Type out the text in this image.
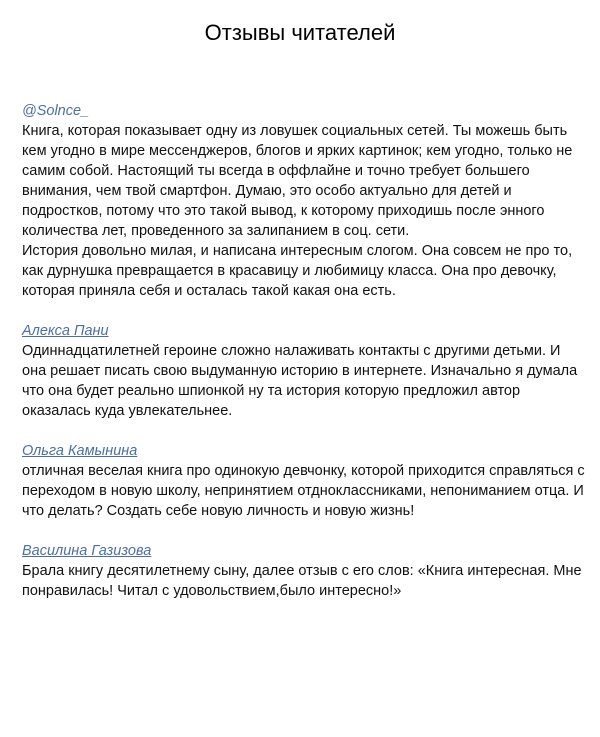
Отзывы читателей
@Solnce_

Книга, которая показывает одну из ловушек социальных сетей. Ты можешь быть кем угодно в мире мессенджеров, блогов и ярких картинок; кем угодно, только не самим собой. Настоящий ты всегда в оффлайне и точно требует большего внимания, чем твой смартфон. Думаю, это особо актуально для детей и подростков, потому что это такой вывод, к которому приходишь после энного количества лет, проведенного за залипанием в соц. сети.
История довольно милая, и написана интересным слогом. Она совсем не про то, как дурнушка превращается в красавицу и любимицу класса. Она про девочку, которая приняла себя и осталась такой какая она есть.

Алекса Пани

Одиннадцатилетней героине сложно налаживать контакты с другими детьми. И она решает писать свою выдуманную историю в интернете. Изначально я думала что она будет реально шпионкой ну та история которую предложил автор оказалась куда увлекательнее.

Ольга Камынина

отличная веселая книга про одинокую девчонку, которой приходится справляться с переходом в новую школу, непринятием отдноклассниками, непониманием отца. И что делать? Создать себе новую личность и новую жизнь!

Василина Газизова

Брала книгу десятилетнему сыну, далее отзыв с его слов: «Книга интересная. Мне понравилась! Читал с удовольствием,было интересно!»
